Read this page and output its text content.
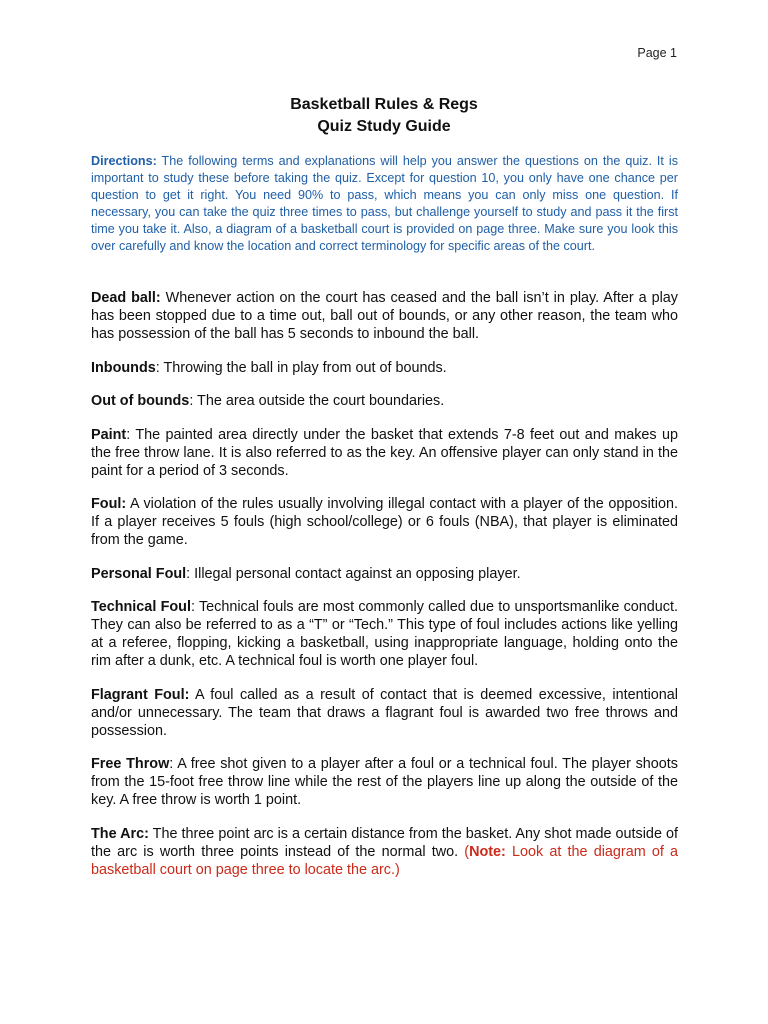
Page 1
Basketball Rules & Regs
Quiz Study Guide

Directions: The following terms and explanations will help you answer the questions on the quiz. It is important to study these before taking the quiz. Except for question 10, you only have one chance per question to get it right. You need 90% to pass, which means you can only miss one question. If necessary, you can take the quiz three times to pass, but challenge yourself to study and pass it the first time you take it. Also, a diagram of a basketball court is provided on page three. Make sure you look this over carefully and know the location and correct terminology for specific areas of the court.

Dead ball: Whenever action on the court has ceased and the ball isn’t in play. After a play has been stopped due to a time out, ball out of bounds, or any other reason, the team who has possession of the ball has 5 seconds to inbound the ball.

Inbounds: Throwing the ball in play from out of bounds.

Out of bounds: The area outside the court boundaries.

Paint: The painted area directly under the basket that extends 7-8 feet out and makes up the free throw lane. It is also referred to as the key. An offensive player can only stand in the paint for a period of 3 seconds.

Foul: A violation of the rules usually involving illegal contact with a player of the opposition. If a player receives 5 fouls (high school/college) or 6 fouls (NBA), that player is eliminated from the game.

Personal Foul: Illegal personal contact against an opposing player.

Technical Foul: Technical fouls are most commonly called due to unsportsmanlike conduct. They can also be referred to as a “T” or “Tech.” This type of foul includes actions like yelling at a referee, flopping, kicking a basketball, using inappropriate language, holding onto the rim after a dunk, etc. A technical foul is worth one player foul.

Flagrant Foul: A foul called as a result of contact that is deemed excessive, intentional and/or unnecessary. The team that draws a flagrant foul is awarded two free throws and possession.

Free Throw: A free shot given to a player after a foul or a technical foul. The player shoots from the 15-foot free throw line while the rest of the players line up along the outside of the key. A free throw is worth 1 point.

The Arc: The three point arc is a certain distance from the basket. Any shot made outside of the arc is worth three points instead of the normal two. (Note: Look at the diagram of a basketball court on page three to locate the arc.)
